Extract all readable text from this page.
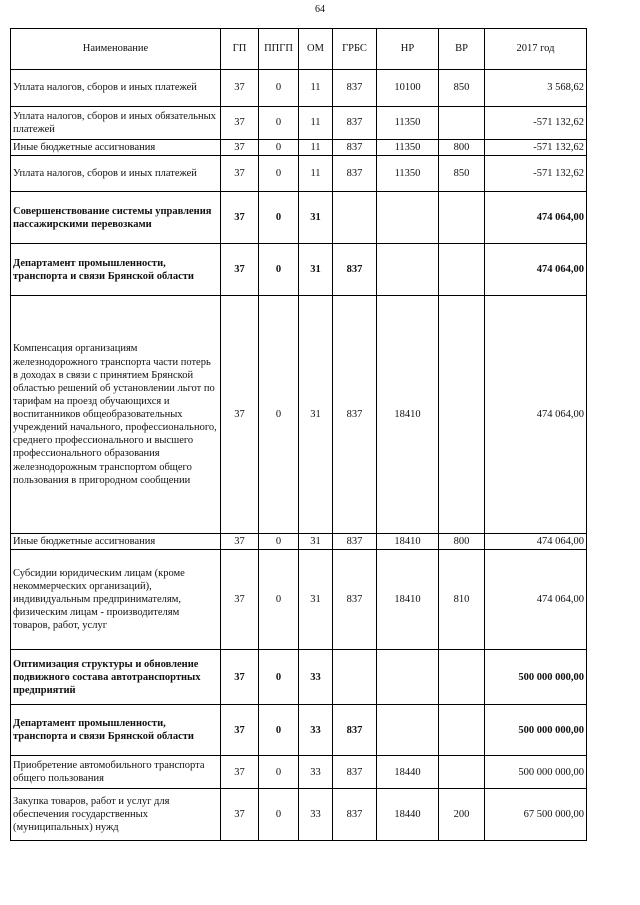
64
Наименование	ГП	ППГП	ОМ	ГРБС	НР	ВР	2017 год
Уплата налогов, сборов и иных платежей	37	0	11	837	10100	850	3 568,62
Уплата налогов, сборов и иных обязательных платежей	37	0	11	837	11350		-571 132,62
Иные бюджетные ассигнования	37	0	11	837	11350	800	-571 132,62
Уплата налогов, сборов и иных платежей	37	0	11	837	11350	850	-571 132,62
Совершенствование системы управления пассажирскими перевозками	37	0	31				474 064,00
Департамент промышленности, транспорта и связи Брянской области	37	0	31	837			474 064,00
Компенсация организациям железнодорожного транспорта части потерь в доходах в связи с принятием Брянской областью решений об установлении льгот по тарифам на проезд обучающихся и воспитанников общеобразовательных учреждений начального, профессионального, среднего профессионального и высшего профессионального образования железнодорожным транспортом общего пользования в пригородном сообщении	37	0	31	837	18410		474 064,00
Иные бюджетные ассигнования	37	0	31	837	18410	800	474 064,00
Субсидии юридическим лицам (кроме некоммерческих организаций), индивидуальным предпринимателям, физическим лицам - производителям товаров, работ, услуг	37	0	31	837	18410	810	474 064,00
Оптимизация структуры и обновление подвижного состава автотранспортных предприятий	37	0	33				500 000 000,00
Департамент промышленности, транспорта и связи Брянской области	37	0	33	837			500 000 000,00
Приобретение автомобильного транспорта общего пользования	37	0	33	837	18440		500 000 000,00
Закупка товаров, работ и услуг для обеспечения государственных (муниципальных) нужд	37	0	33	837	18440	200	67 500 000,00
